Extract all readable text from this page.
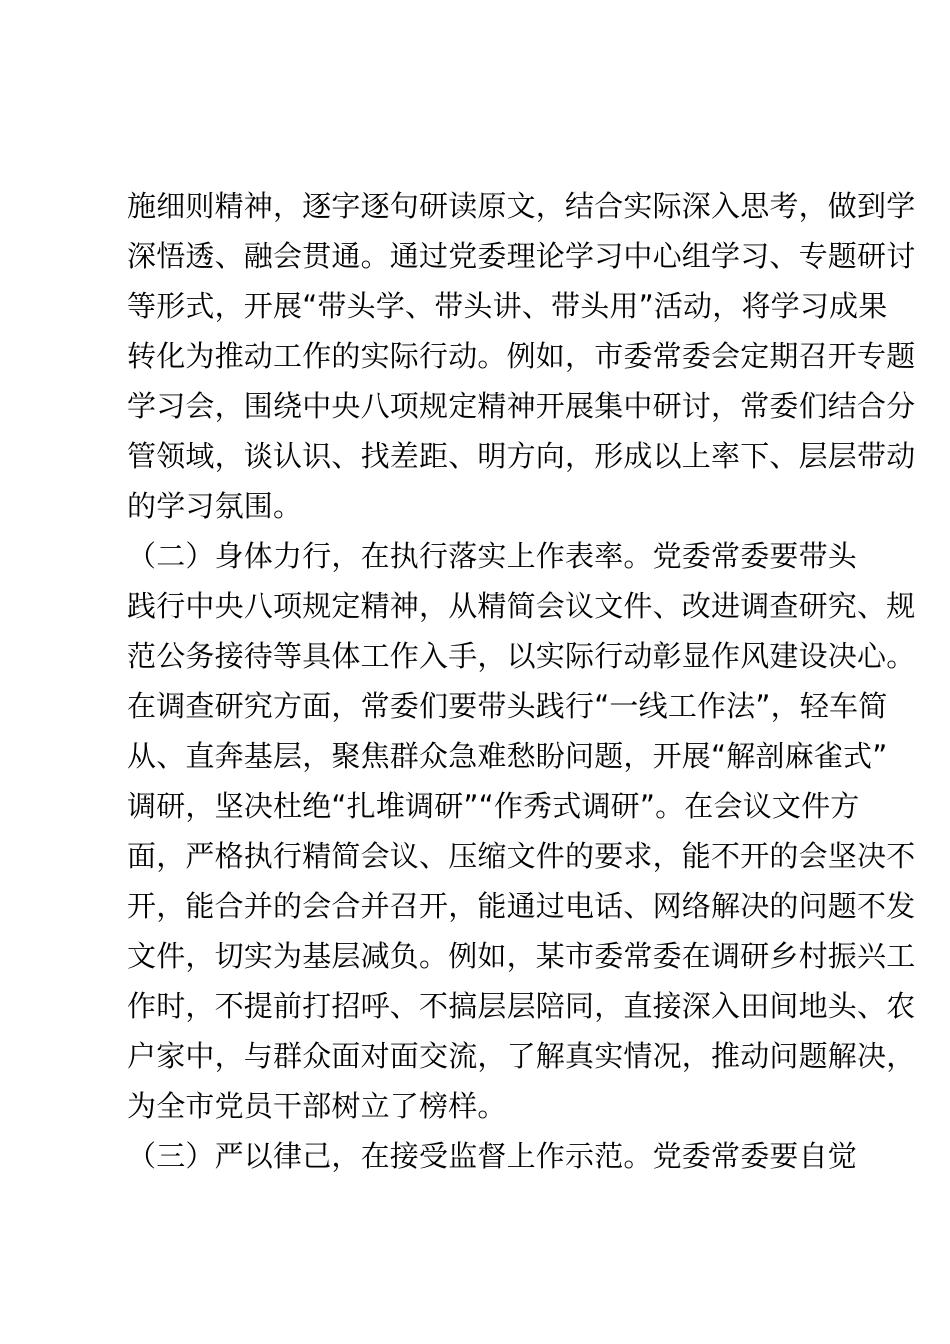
施细则精神，逐字逐句研读原文，结合实际深入思考，做到学
深悟透、融会贯通。通过党委理论学习中心组学习、专题研讨
等形式，开展“带头学、带头讲、带头用”活动，将学习成果
转化为推动工作的实际行动。例如，市委常委会定期召开专题
学习会，围绕中央八项规定精神开展集中研讨，常委们结合分
管领域，谈认识、找差距、明方向，形成以上率下、层层带动
的学习氛围。
（二）身体力行，在执行落实上作表率。党委常委要带头
践行中央八项规定精神，从精简会议文件、改进调查研究、规
范公务接待等具体工作入手，以实际行动彰显作风建设决心。
在调查研究方面，常委们要带头践行“一线工作法”，轻车简
从、直奔基层，聚焦群众急难愁盼问题，开展“解剖麻雀式”
调研，坚决杜绝“扎堆调研”“作秀式调研”。在会议文件方
面，严格执行精简会议、压缩文件的要求，能不开的会坚决不
开，能合并的会合并召开，能通过电话、网络解决的问题不发
文件，切实为基层减负。例如，某市委常委在调研乡村振兴工
作时，不提前打招呼、不搞层层陪同，直接深入田间地头、农
户家中，与群众面对面交流，了解真实情况，推动问题解决，
为全市党员干部树立了榜样。
（三）严以律己，在接受监督上作示范。党委常委要自觉
